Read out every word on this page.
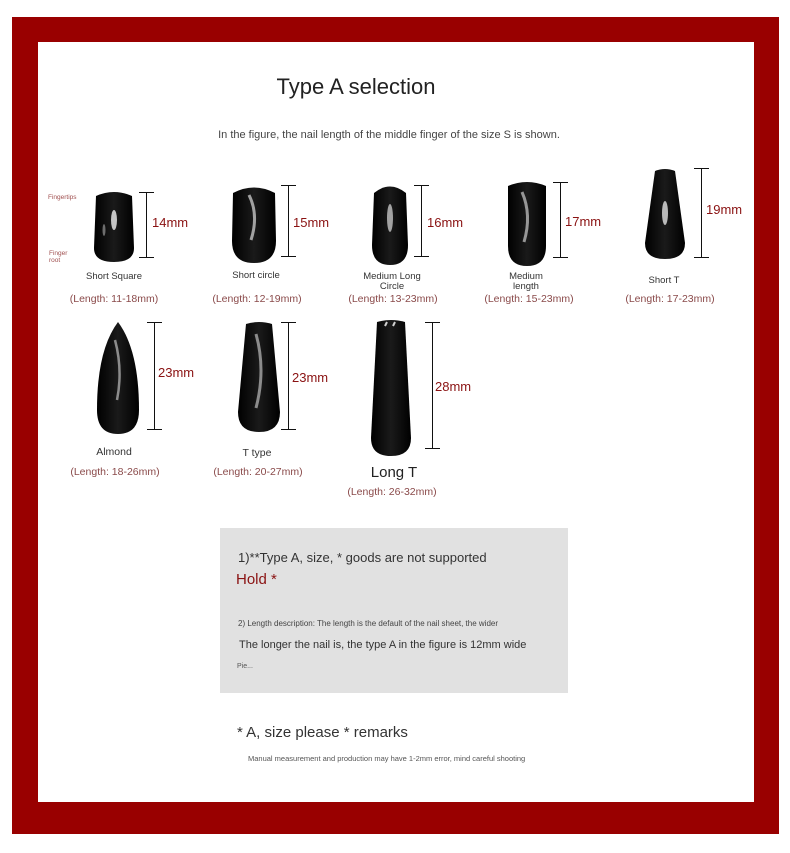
Type A selection
In the figure, the nail length of the middle finger of the size S is shown.
Fingertips
Finger root
14mm
Short Square
(Length: 11-18mm)
15mm
Short circle
(Length: 12-19mm)
16mm
Medium Long Circle
(Length: 13-23mm)
17mm
Medium length
(Length: 15-23mm)
19mm
Short T
(Length: 17-23mm)
23mm
Almond
(Length: 18-26mm)
23mm
T type
(Length: 20-27mm)
28mm
Long T
(Length: 26-32mm)
1)**Type A, size, * goods are not supported
Hold *
2) Length description: The length is the default of the nail sheet, the wider
The longer the nail is, the type A in the figure is 12mm wide
Pie...
* A, size please * remarks
Manual measurement and production may have 1-2mm error, mind careful shooting
